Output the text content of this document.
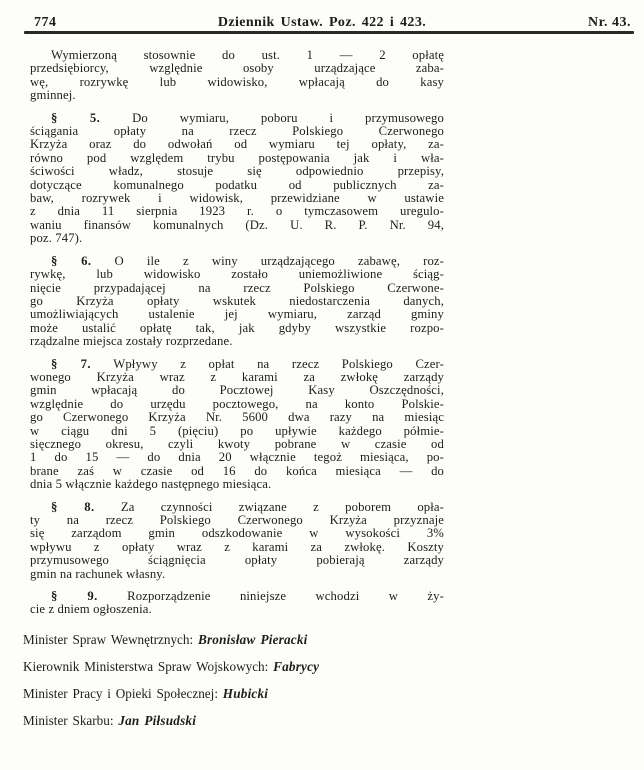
774	Dziennik Ustaw. Poz. 422 i 423.	Nr. 43.
Wymierzoną stosownie do ust. 1 — 2 opłatę
przedsiębiorcy, względnie osoby urządzające zaba-
wę, rozrywkę lub widowisko, wpłacają do kasy
gminnej.
§ 5. Do wymiaru, poboru i przymusowego
ściągania opłaty na rzecz Polskiego Czerwonego
Krzyża oraz do odwołań od wymiaru tej opłaty, za-
równo pod względem trybu postępowania jak i wła-
ściwości władz, stosuje się odpowiednio przepisy,
dotyczące komunalnego podatku od publicznych za-
baw, rozrywek i widowisk, przewidziane w ustawie
z dnia 11 sierpnia 1923 r. o tymczasowem uregulo-
waniu finansów komunalnych (Dz. U. R. P. Nr. 94,
poz. 747).
§ 6. O ile z winy urządzającego zabawę, roz-
rywkę, lub widowisko zostało uniemożliwione ściąg-
nięcie przypadającej na rzecz Polskiego Czerwone-
go Krzyża opłaty wskutek niedostarczenia danych,
umożliwiających ustalenie jej wymiaru, zarząd gminy
może ustalić opłatę tak, jak gdyby wszystkie rozpo-
rządzalne miejsca zostały rozprzedane.
§ 7. Wpływy z opłat na rzecz Polskiego Czer-
wonego Krzyża wraz z karami za zwłokę zarządy
gmin wpłacają do Pocztowej Kasy Oszczędności,
względnie do urzędu pocztowego, na konto Polskie-
go Czerwonego Krzyża Nr. 5600 dwa razy na miesiąc
w ciągu dni 5 (pięciu) po upływie każdego półmie-
sięcznego okresu, czyli kwoty pobrane w czasie od
1 do 15 — do dnia 20 włącznie tegoż miesiąca, po-
brane zaś w czasie od 16 do końca miesiąca — do
dnia 5 włącznie każdego następnego miesiąca.
§ 8. Za czynności związane z poborem opła-
ty na rzecz Polskiego Czerwonego Krzyża przyznaje
się zarządom gmin odszkodowanie w wysokości 3%
wpływu z opłaty wraz z karami za zwłokę. Koszty
przymusowego ściągnięcia opłaty pobierają zarządy
gmin na rachunek własny.
§ 9. Rozporządzenie niniejsze wchodzi w ży-
cie z dniem ogłoszenia.
Minister Spraw Wewnętrznych: Bronisław Pieracki
Kierownik Ministerstwa Spraw Wojskowych: Fabrycy
Minister Pracy i Opieki Społecznej: Hubicki
Minister Skarbu: Jan Piłsudski
